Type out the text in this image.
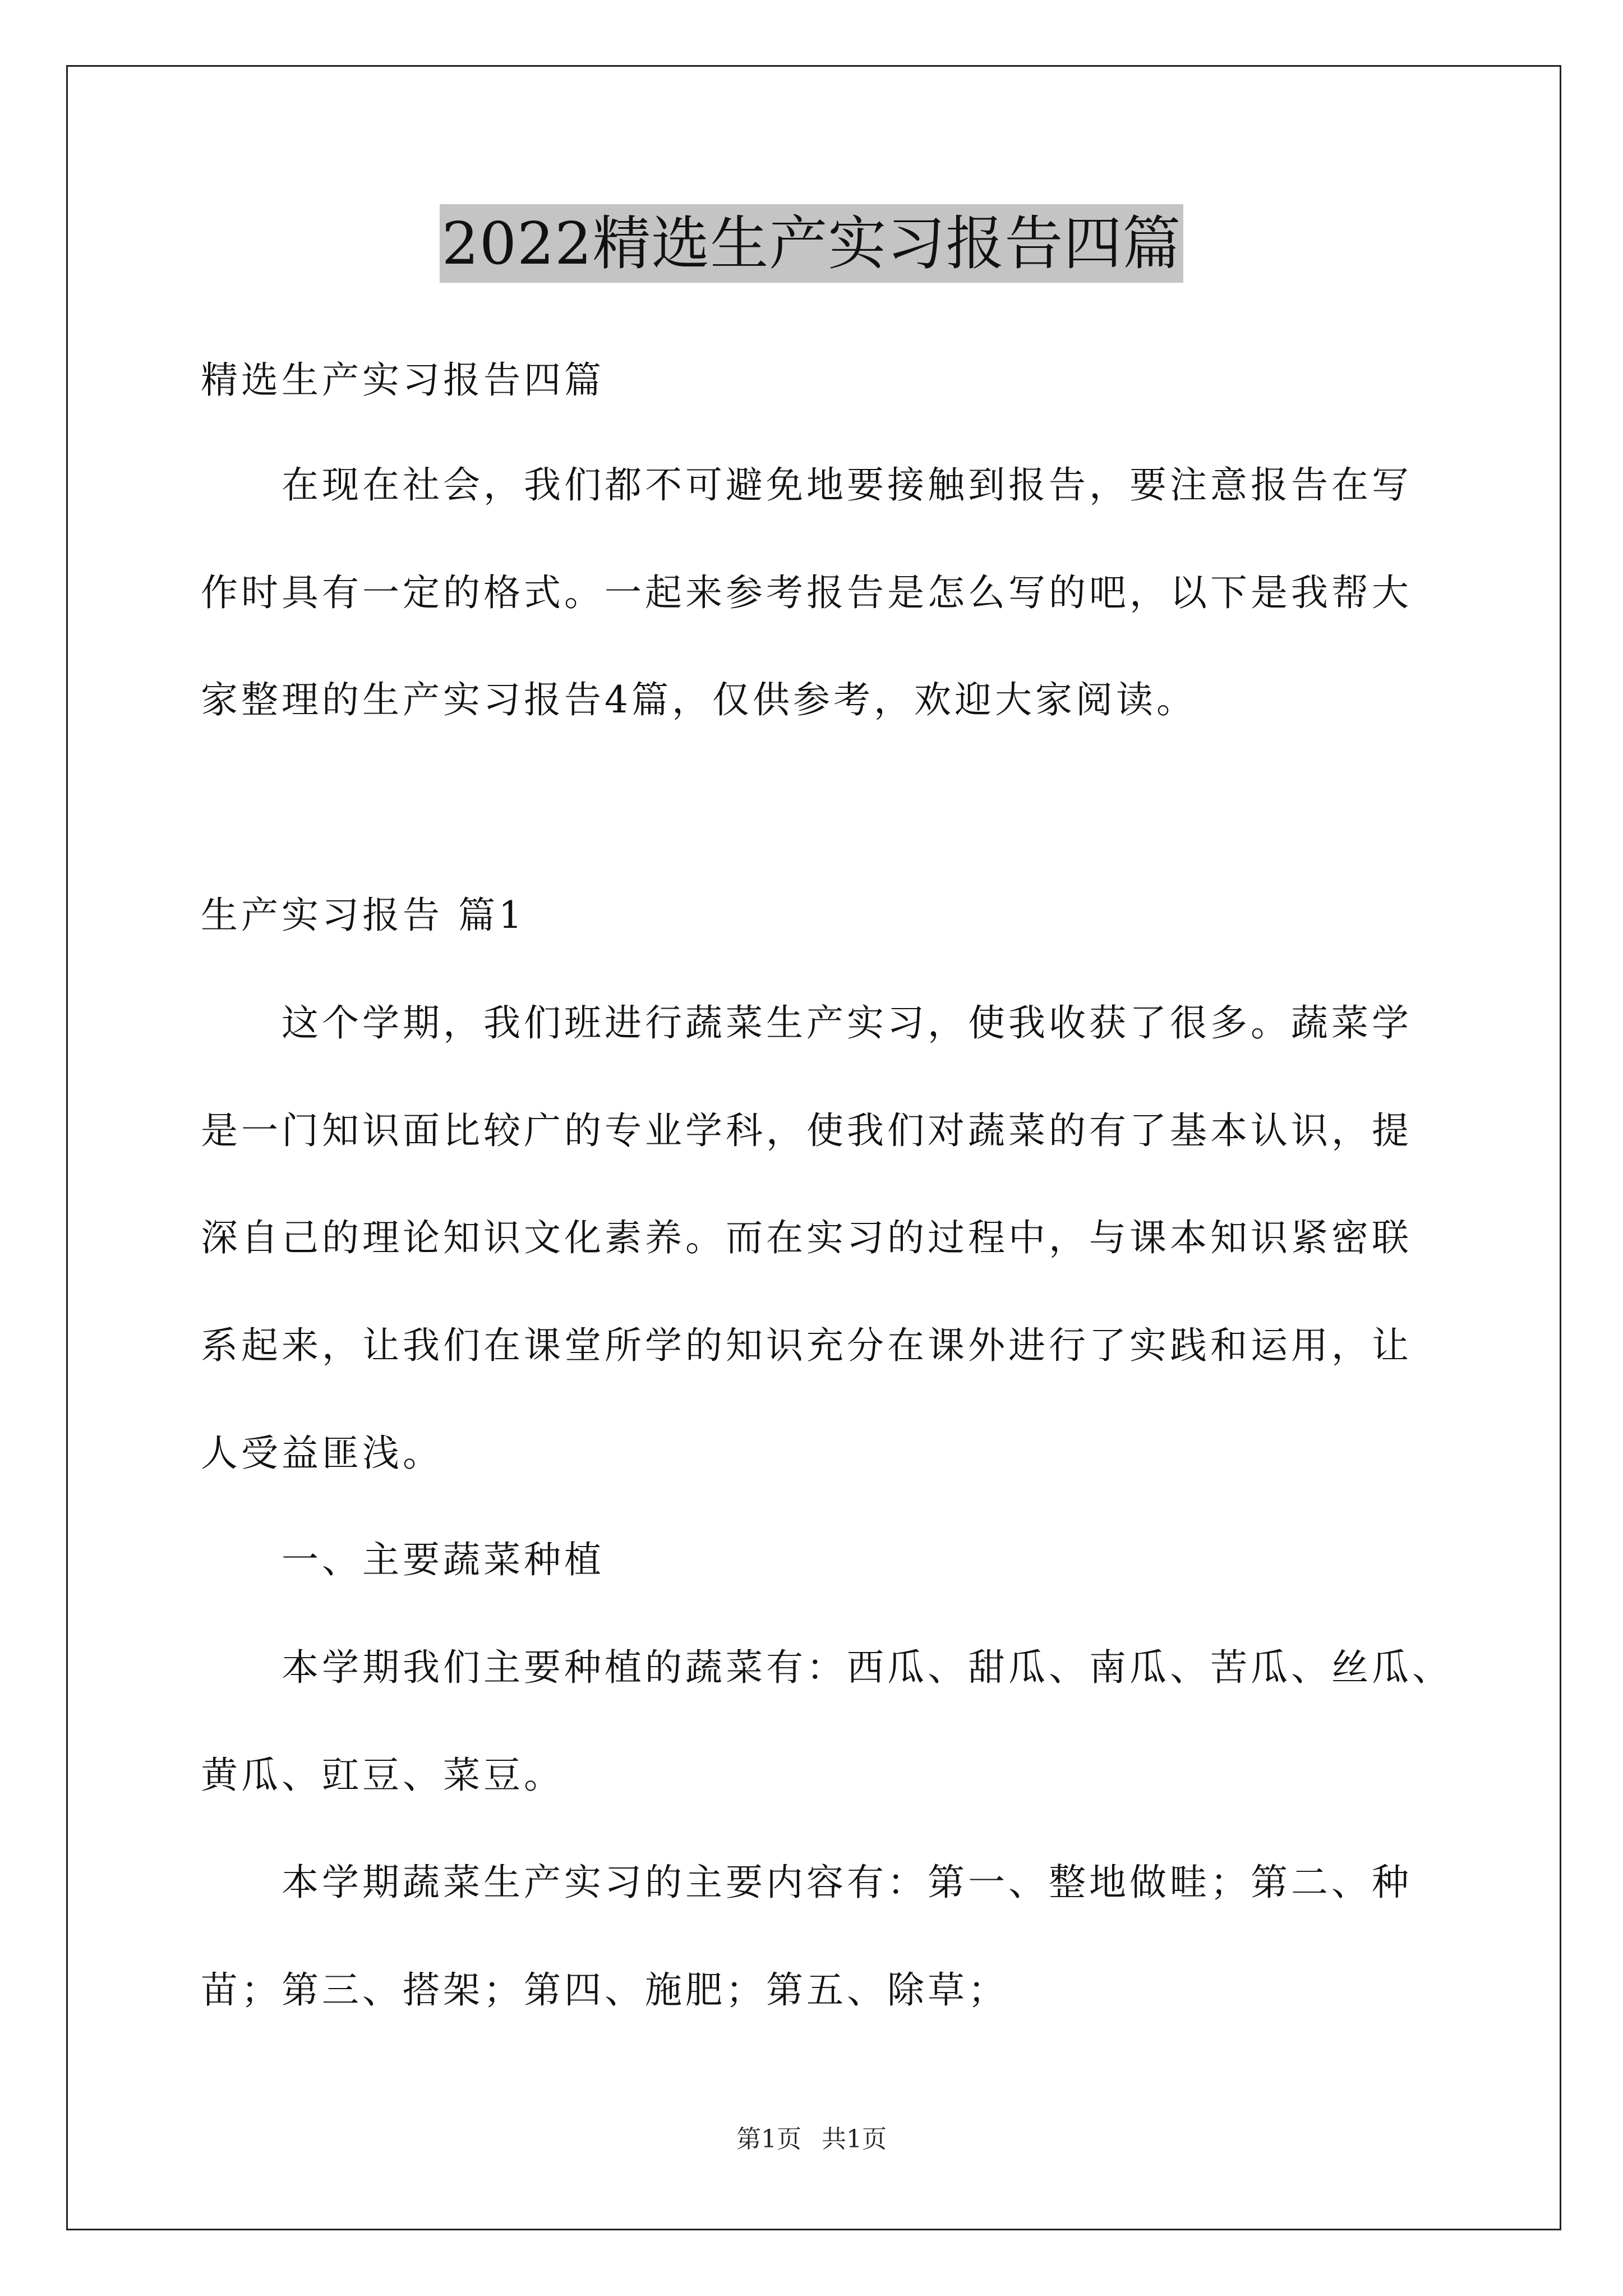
2022精选生产实习报告四篇
精选生产实习报告四篇
在现在社会，我们都不可避免地要接触到报告，要注意报告在写
作时具有一定的格式。一起来参考报告是怎么写的吧，以下是我帮大
家整理的生产实习报告4篇，仅供参考，欢迎大家阅读。
生产实习报告 篇1
这个学期，我们班进行蔬菜生产实习，使我收获了很多。蔬菜学
是一门知识面比较广的专业学科，使我们对蔬菜的有了基本认识，提
深自己的理论知识文化素养。而在实习的过程中，与课本知识紧密联
系起来，让我们在课堂所学的知识充分在课外进行了实践和运用，让
人受益匪浅。
一、主要蔬菜种植
本学期我们主要种植的蔬菜有：西瓜、甜瓜、南瓜、苦瓜、丝瓜、
黄瓜、豇豆、菜豆。
本学期蔬菜生产实习的主要内容有：第一、整地做畦；第二、种
苗；第三、搭架；第四、施肥；第五、除草；
第1页 共1页
